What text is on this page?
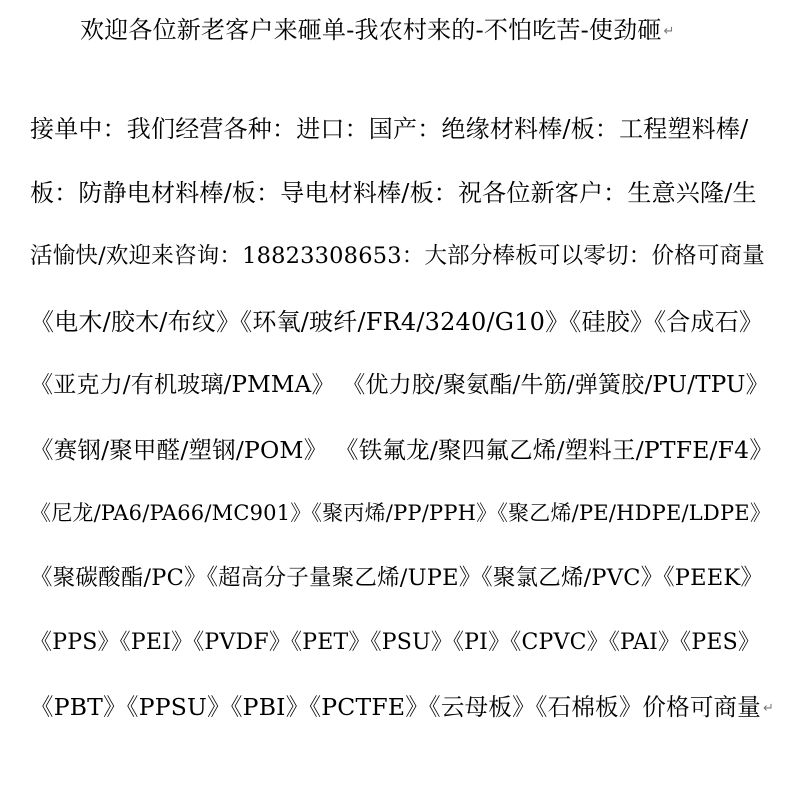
欢迎各位新老客户来砸单-我农村来的-不怕吃苦-使劲砸 ↵
接单中：我们经营各种：进口：国产：绝缘材料棒/板：工程塑料棒/
板：防静电材料棒/板：导电材料棒/板：祝各位新客户：生意兴隆/生
活愉快/欢迎来咨询：18823308653：大部分棒板可以零切：价格可商量
《电木/胶木/布纹》《环氧/玻纤/FR4/3240/G10》《硅胶》《合成石》
《亚克力/有机玻璃/PMMA》 《优力胶/聚氨酯/牛筋/弹簧胶/PU/TPU》
《赛钢/聚甲醛/塑钢/POM》 《铁氟龙/聚四氟乙烯/塑料王/PTFE/F4》
《尼龙/PA6/PA66/MC901》《聚丙烯/PP/PPH》《聚乙烯/PE/HDPE/LDPE》
《聚碳酸酯/PC》《超高分子量聚乙烯/UPE》《聚氯乙烯/PVC》《PEEK》
《PPS》《PEI》《PVDF》《PET》《PSU》《PI》《CPVC》《PAI》《PES》
《PBT》《PPSU》《PBI》《PCTFE》《云母板》《石棉板》价格可商量 ↵
